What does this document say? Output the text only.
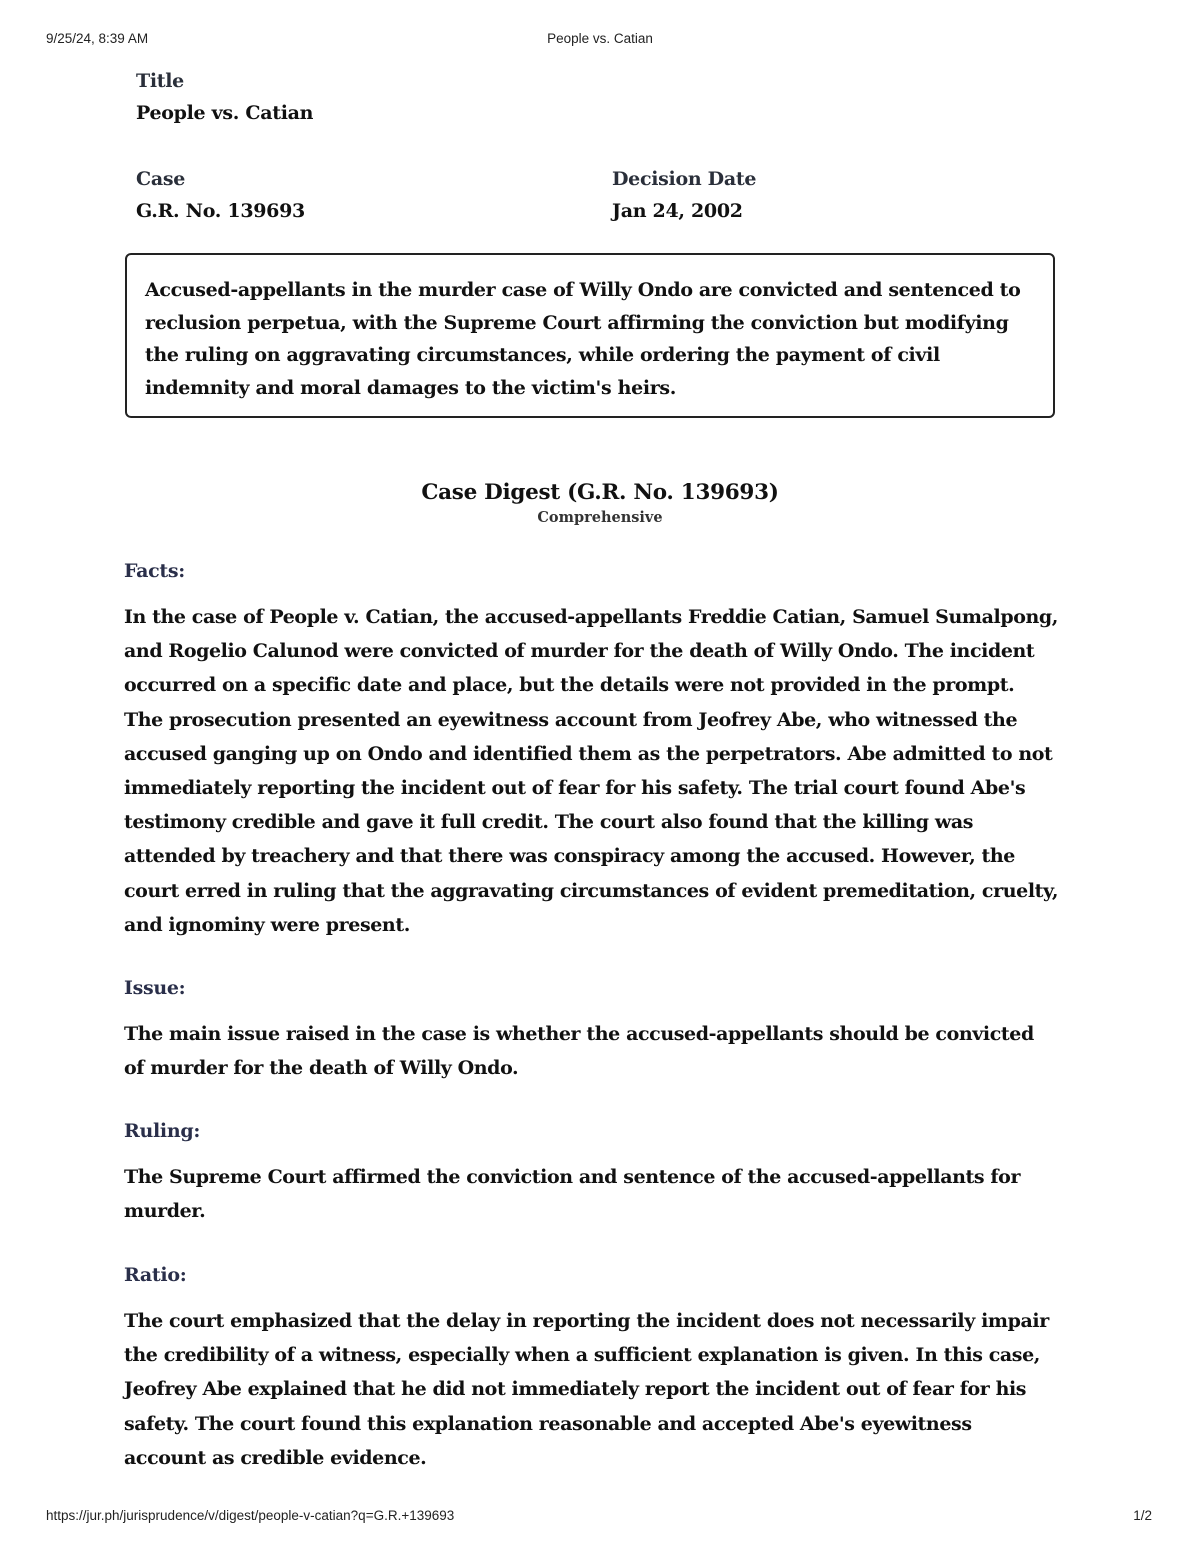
9/25/24, 8:39 AM	People vs. Catian
Title
People vs. Catian
Case
G.R. No. 139693
Decision Date
Jan 24, 2002

Accused-appellants in the murder case of Willy Ondo are convicted and sentenced to reclusion perpetua, with the Supreme Court affirming the conviction but modifying the ruling on aggravating circumstances, while ordering the payment of civil indemnity and moral damages to the victim's heirs.

Case Digest (G.R. No. 139693)
Comprehensive
Facts:

In the case of People v. Catian, the accused-appellants Freddie Catian, Samuel Sumalpong, and Rogelio Calunod were convicted of murder for the death of Willy Ondo. The incident occurred on a specific date and place, but the details were not provided in the prompt. The prosecution presented an eyewitness account from Jeofrey Abe, who witnessed the accused ganging up on Ondo and identified them as the perpetrators. Abe admitted to not immediately reporting the incident out of fear for his safety. The trial court found Abe's testimony credible and gave it full credit. The court also found that the killing was attended by treachery and that there was conspiracy among the accused. However, the court erred in ruling that the aggravating circumstances of evident premeditation, cruelty, and ignominy were present.

Issue:

The main issue raised in the case is whether the accused-appellants should be convicted of murder for the death of Willy Ondo.

Ruling:

The Supreme Court affirmed the conviction and sentence of the accused-appellants for murder.

Ratio:

The court emphasized that the delay in reporting the incident does not necessarily impair the credibility of a witness, especially when a sufficient explanation is given. In this case, Jeofrey Abe explained that he did not immediately report the incident out of fear for his safety. The court found this explanation reasonable and accepted Abe's eyewitness account as credible evidence.

https://jur.ph/jurisprudence/v/digest/people-v-catian?q=G.R.+139693	1/2
